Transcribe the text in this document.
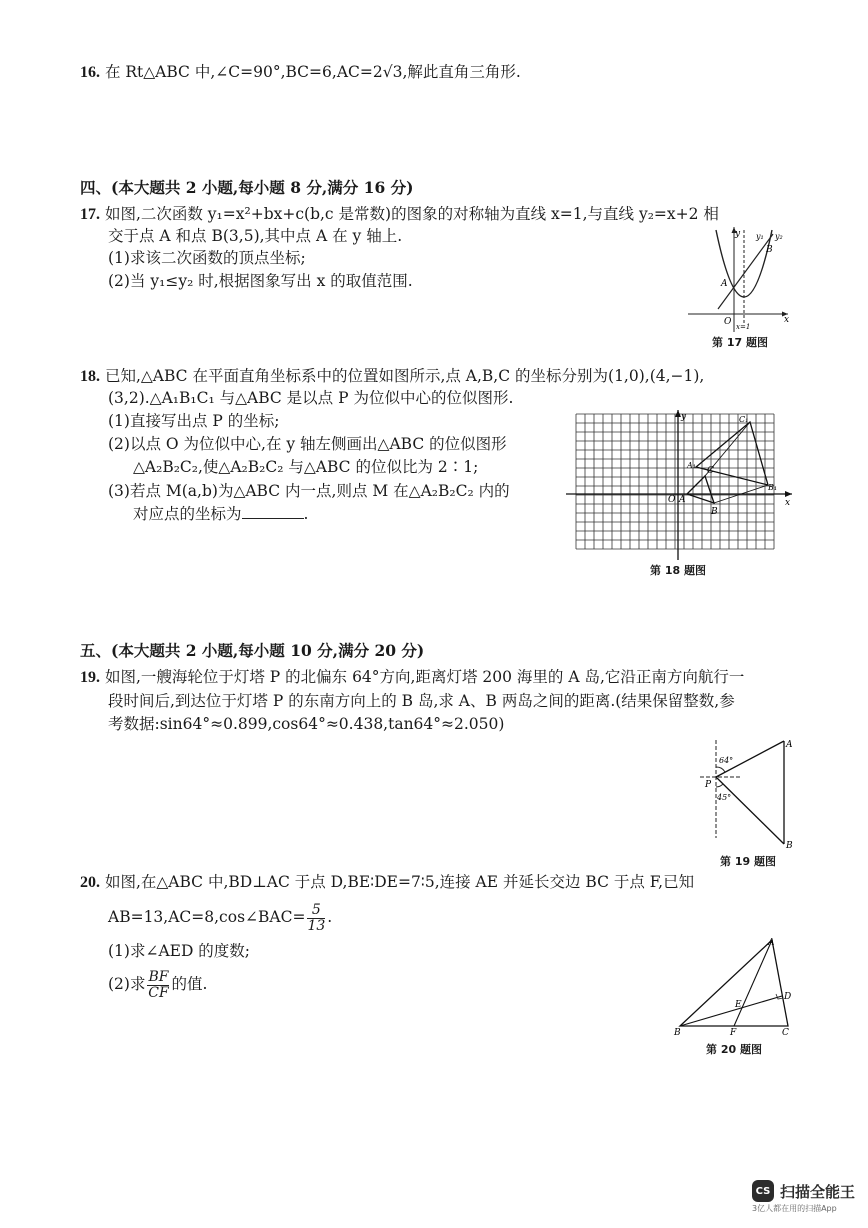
16. 在 Rt△ABC 中,∠C=90°,BC=6,AC=2√3,解此直角三角形.
四、(本大题共 2 小题,每小题 8 分,满分 16 分)
17. 如图,二次函数 y₁=x²+bx+c(b,c 是常数)的图象的对称轴为直线 x=1,与直线 y₂=x+2 相
交于点 A 和点 B(3,5),其中点 A 在 y 轴上.
(1)求该二次函数的顶点坐标;
(2)当 y₁≤y₂ 时,根据图象写出 x 的取值范围.
y y₁ y₂
B
A
O	x
x=1
第 17 题图
18. 已知,△ABC 在平面直角坐标系中的位置如图所示,点 A,B,C 的坐标分别为(1,0),(4,−1),
(3,2).△A₁B₁C₁ 与△ABC 是以点 P 为位似中心的位似图形.
(1)直接写出点 P 的坐标;
(2)以点 O 为位似中心,在 y 轴左侧画出△ABC 的位似图形
△A₂B₂C₂,使△A₂B₂C₂ 与△ABC 的位似比为 2∶1;
(3)若点 M(a,b)为△ABC 内一点,则点 M 在△A₂B₂C₂ 内的
对应点的坐标为	.
y
x
O A
B
C
A₁
B₁
C₁
第 18 题图
五、(本大题共 2 小题,每小题 10 分,满分 20 分)
19. 如图,一艘海轮位于灯塔 P 的北偏东 64°方向,距离灯塔 200 海里的 A 岛,它沿正南方向航行一
段时间后,到达位于灯塔 P 的东南方向上的 B 岛,求 A、B 两岛之间的距离.(结果保留整数,参
考数据:sin64°≈0.899,cos64°≈0.438,tan64°≈2.050)
A
B
P
64°
45°
第 19 题图
20. 如图,在△ABC 中,BD⊥AC 于点 D,BE∶DE=7∶5,连接 AE 并延长交边 BC 于点 F,已知
AB=13,AC=8,cos∠BAC= $\frac{5}{13}$ .
(1)求∠AED 的度数;
(2)求 $\frac{BF}{CF}$ 的值.
A
B	C
D
E
F
第 20 题图
CS 扫描全能王
3亿人都在用的扫描App
